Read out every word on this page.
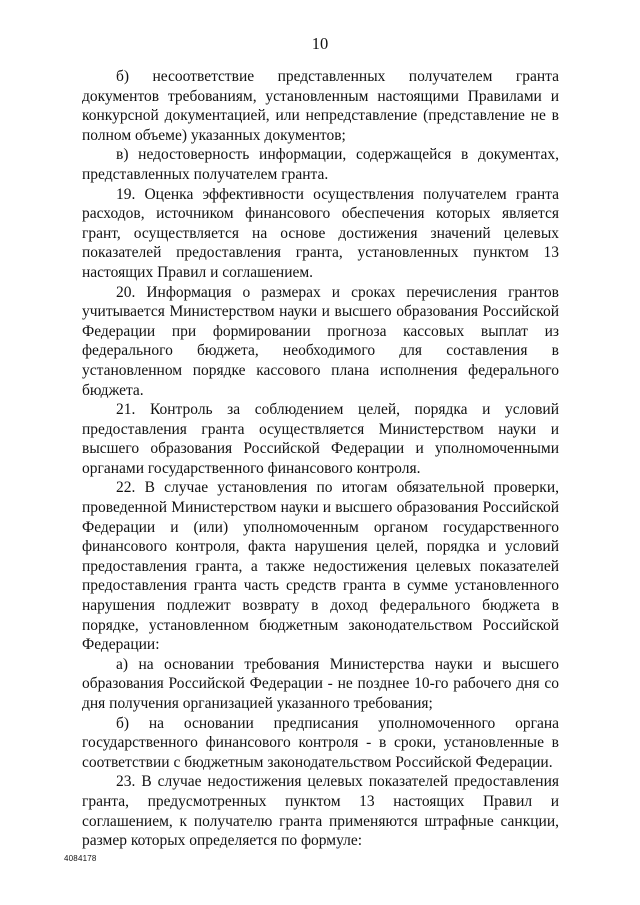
10

б) несоответствие представленных получателем гранта документов требованиям, установленным настоящими Правилами и конкурсной документацией, или непредставление (представление не в полном объеме) указанных документов;

в) недостоверность информации, содержащейся в документах, представленных получателем гранта.

19. Оценка эффективности осуществления получателем гранта расходов, источником финансового обеспечения которых является грант, осуществляется на основе достижения значений целевых показателей предоставления гранта, установленных пунктом 13 настоящих Правил и соглашением.

20. Информация о размерах и сроках перечисления грантов учитывается Министерством науки и высшего образования Российской Федерации при формировании прогноза кассовых выплат из федерального бюджета, необходимого для составления в установленном порядке кассового плана исполнения федерального бюджета.

21. Контроль за соблюдением целей, порядка и условий предоставления гранта осуществляется Министерством науки и высшего образования Российской Федерации и уполномоченными органами государственного финансового контроля.

22. В случае установления по итогам обязательной проверки, проведенной Министерством науки и высшего образования Российской Федерации и (или) уполномоченным органом государственного финансового контроля, факта нарушения целей, порядка и условий предоставления гранта, а также недостижения целевых показателей предоставления гранта часть средств гранта в сумме установленного нарушения подлежит возврату в доход федерального бюджета в порядке, установленном бюджетным законодательством Российской Федерации:

а) на основании требования Министерства науки и высшего образования Российской Федерации - не позднее 10-го рабочего дня со дня получения организацией указанного требования;

б) на основании предписания уполномоченного органа государственного финансового контроля - в сроки, установленные в соответствии с бюджетным законодательством Российской Федерации.

23. В случае недостижения целевых показателей предоставления гранта, предусмотренных пунктом 13 настоящих Правил и соглашением, к получателю гранта применяются штрафные санкции, размер которых определяется по формуле:

4084178
